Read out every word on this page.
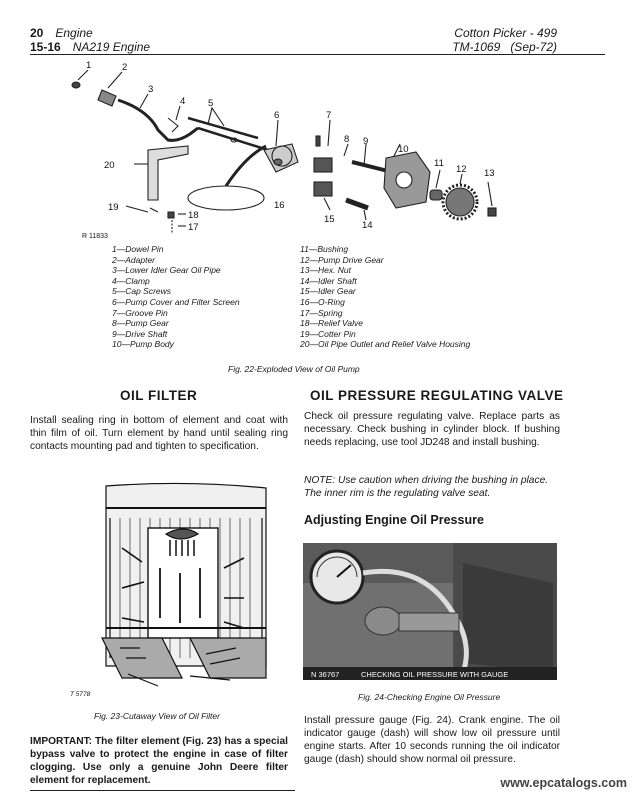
20 Engine
15-16 NA219 Engine
Cotton Picker - 499
TM-1069 (Sep-72)
1	2
3
4 5
6	7
8 9
10
11
12 13
14
15
16
17
18
19
20
R 11833
1—Dowel Pin
2—Adapter
3—Lower Idler Gear Oil Pipe
4—Clamp
5—Cap Screws
6—Pump Cover and Filter Screen
7—Groove Pin
8—Pump Gear
9—Drive Shaft
10—Pump Body
11—Bushing
12—Pump Drive Gear
13—Hex. Nut
14—Idler Shaft
15—Idler Gear
16—O-Ring
17—Spring
18—Relief Valve
19—Cotter Pin
20—Oil Pipe Outlet and Relief Valve Housing
Fig. 22-Exploded View of Oil Pump
OIL FILTER
Install sealing ring in bottom of element and coat with thin film of oil. Turn element by hand until sealing ring contacts mounting pad and tighten to specification.
T 5778
Fig. 23-Cutaway View of Oil Filter
IMPORTANT: The filter element (Fig. 23) has a special bypass valve to protect the engine in case of filter clogging. Use only a genuine John Deere filter element for replacement.
OIL PRESSURE REGULATING VALVE
Check oil pressure regulating valve. Replace parts as necessary. Check bushing in cylinder block. If bushing needs replacing, use tool JD248 and install bushing.
NOTE: Use caution when driving the bushing in place. The inner rim is the regulating valve seat.
Adjusting Engine Oil Pressure
N 36767	CHECKING OIL PRESSURE WITH GAUGE
Fig. 24-Checking Engine Oil Pressure
Install pressure gauge (Fig. 24). Crank engine. The oil indicator gauge (dash) will show low oil pressure until engine starts. After 10 seconds running the oil indicator gauge (dash) should show normal oil pressure.
www.epcatalogs.com
